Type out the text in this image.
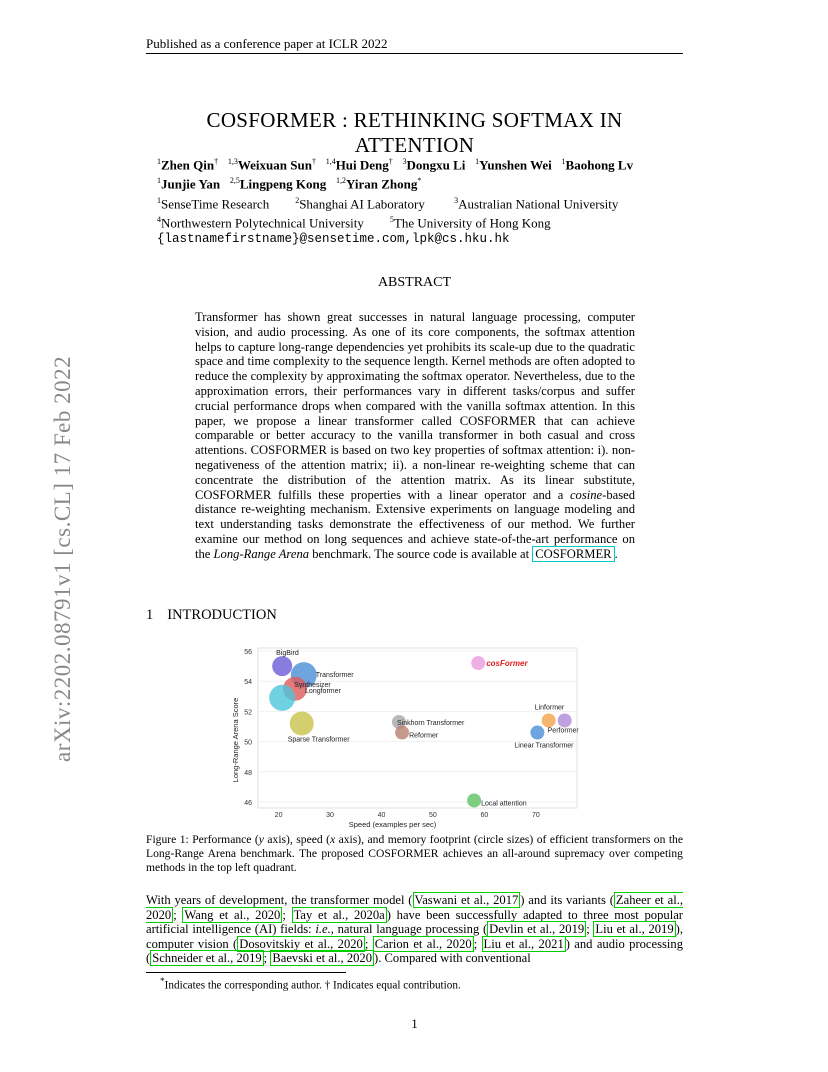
arXiv:2202.08791v1 [cs.CL] 17 Feb 2022
Published as a conference paper at ICLR 2022
COSFORMER : RETHINKING SOFTMAX IN ATTENTION
$^1$Zhen Qin† $^{1,3}$Weixuan Sun† $^{1,4}$Hui Deng† $^3$Dongxu Li $^1$Yunshen Wei $^1$Baohong Lv
$^1$Junjie Yan $^{2,5}$Lingpeng Kong $^{1,2}$Yiran Zhong*
$^1$SenseTime Research	$^2$Shanghai AI Laboratory	$^3$Australian National University
$^4$Northwestern Polytechnical University	$^5$The University of Hong Kong
{lastnamefirstname}@sensetime.com,lpk@cs.hku.hk
ABSTRACT
Transformer has shown great successes in natural language processing, computer vision, and audio processing. As one of its core components, the softmax attention helps to capture long-range dependencies yet prohibits its scale-up due to the quadratic space and time complexity to the sequence length. Kernel methods are often adopted to reduce the complexity by approximating the softmax operator. Nevertheless, due to the approximation errors, their performances vary in different tasks/corpus and suffer crucial performance drops when compared with the vanilla softmax attention. In this paper, we propose a linear transformer called COSFORMER that can achieve comparable or better accuracy to the vanilla transformer in both casual and cross attentions. COSFORMER is based on two key properties of softmax attention: i). non-negativeness of the attention matrix; ii). a non-linear re-weighting scheme that can concentrate the distribution of the attention matrix. As its linear substitute, COSFORMER fulfills these properties with a linear operator and a cosine-based distance re-weighting mechanism. Extensive experiments on language modeling and text understanding tasks demonstrate the effectiveness of our method. We further examine our method on long sequences and achieve state-of-the-art performance on the Long-Range Arena benchmark. The source code is available at COSFORMER .
1 INTRODUCTION
46
48
50
52
54
56
20	30	40	50	60	70
Speed (examples per sec)
Long-Range Arena Score
BigBird
Transformer
Longformer
Synthesizer
Sparse Transformer
cosFormer
Sinkhorn Transformer
Reformer
Linformer
Performer
Linear Transformer
Local attention
Figure 1: Performance (y axis), speed (x axis), and memory footprint (circle sizes) of efficient transformers on the Long-Range Arena benchmark. The proposed COSFORMER achieves an all-around supremacy over competing methods in the top left quadrant.
With years of development, the transformer model ( Vaswani et al., 2017 ) and its variants ( Zaheer et al., 2020 ; Wang et al., 2020 ; Tay et al., 2020a ) have been successfully adapted to three most popular artificial intelligence (AI) fields: i.e., natural language processing ( Devlin et al., 2019 ; Liu et al., 2019 ), computer vision ( Dosovitskiy et al., 2020 ; Carion et al., 2020 ; Liu et al., 2021 ) and audio processing ( Schneider et al., 2019 ; Baevski et al., 2020 ). Compared with conventional
*Indicates the corresponding author. † Indicates equal contribution.
1
